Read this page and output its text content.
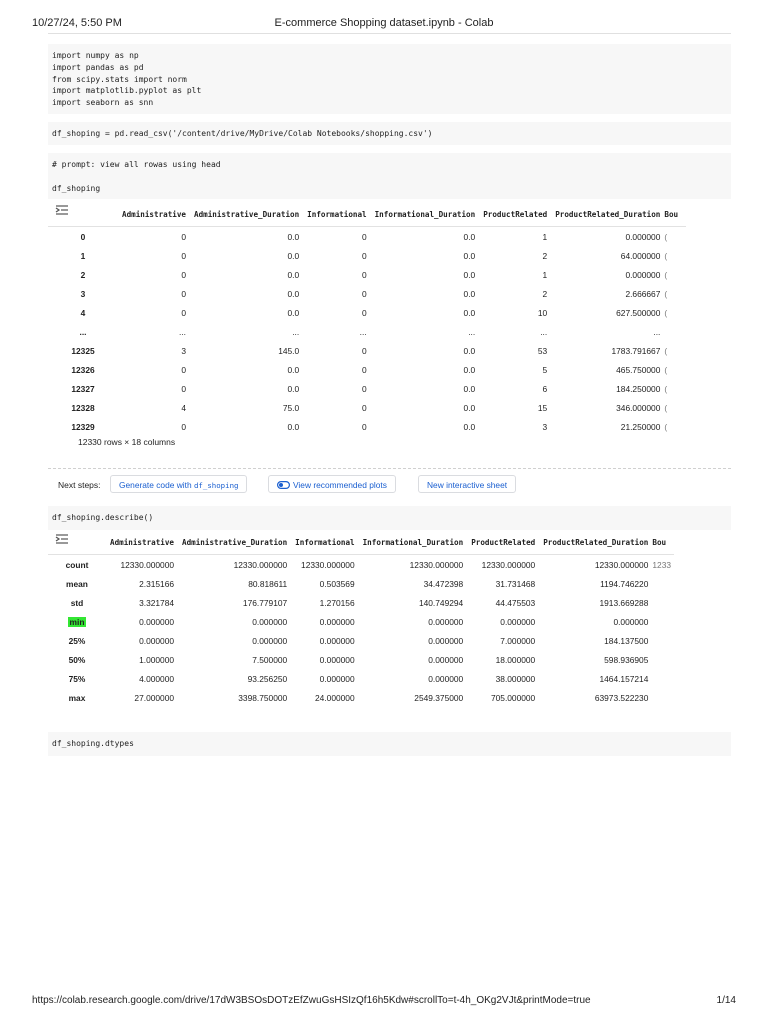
10/27/24, 5:50 PM	E-commerce Shopping dataset.ipynb - Colab
import numpy as np
import pandas as pd
from scipy.stats import norm
import matplotlib.pyplot as plt
import seaborn as snn
df_shoping = pd.read_csv('/content/drive/MyDrive/Colab Notebooks/shopping.csv')
# prompt: view all rowas using head

df_shoping
	Administrative	Administrative_Duration	Informational	Informational_Duration	ProductRelated	ProductRelated_Duration	Bou
0	0	0.0	0	0.0	1	0.000000	(
1	0	0.0	0	0.0	2	64.000000	(
2	0	0.0	0	0.0	1	0.000000	(
3	0	0.0	0	0.0	2	2.666667	(
4	0	0.0	0	0.0	10	627.500000	(
...	...	...	...	...	...	...	
12325	3	145.0	0	0.0	53	1783.791667	(
12326	0	0.0	0	0.0	5	465.750000	(
12327	0	0.0	0	0.0	6	184.250000	(
12328	4	75.0	0	0.0	15	346.000000	(
12329	0	0.0	0	0.0	3	21.250000	(
12330 rows × 18 columns
Next steps:	Generate code with df_shoping	View recommended plots	New interactive sheet
df_shoping.describe()
	Administrative	Administrative_Duration	Informational	Informational_Duration	ProductRelated	ProductRelated_Duration	Bou
count	12330.000000	12330.000000	12330.000000	12330.000000	12330.000000	12330.000000	1233
mean	2.315166	80.818611	0.503569	34.472398	31.731468	1194.746220	
std	3.321784	176.779107	1.270156	140.749294	44.475503	1913.669288	
min	0.000000	0.000000	0.000000	0.000000	0.000000	0.000000	
25%	0.000000	0.000000	0.000000	0.000000	7.000000	184.137500	
50%	1.000000	7.500000	0.000000	0.000000	18.000000	598.936905	
75%	4.000000	93.256250	0.000000	0.000000	38.000000	1464.157214	
max	27.000000	3398.750000	24.000000	2549.375000	705.000000	63973.522230	
df_shoping.dtypes
https://colab.research.google.com/drive/17dW3BSOsDOTzEfZwuGsHSIzQf16h5Kdw#scrollTo=t-4h_OKg2VJt&printMode=true	1/14
